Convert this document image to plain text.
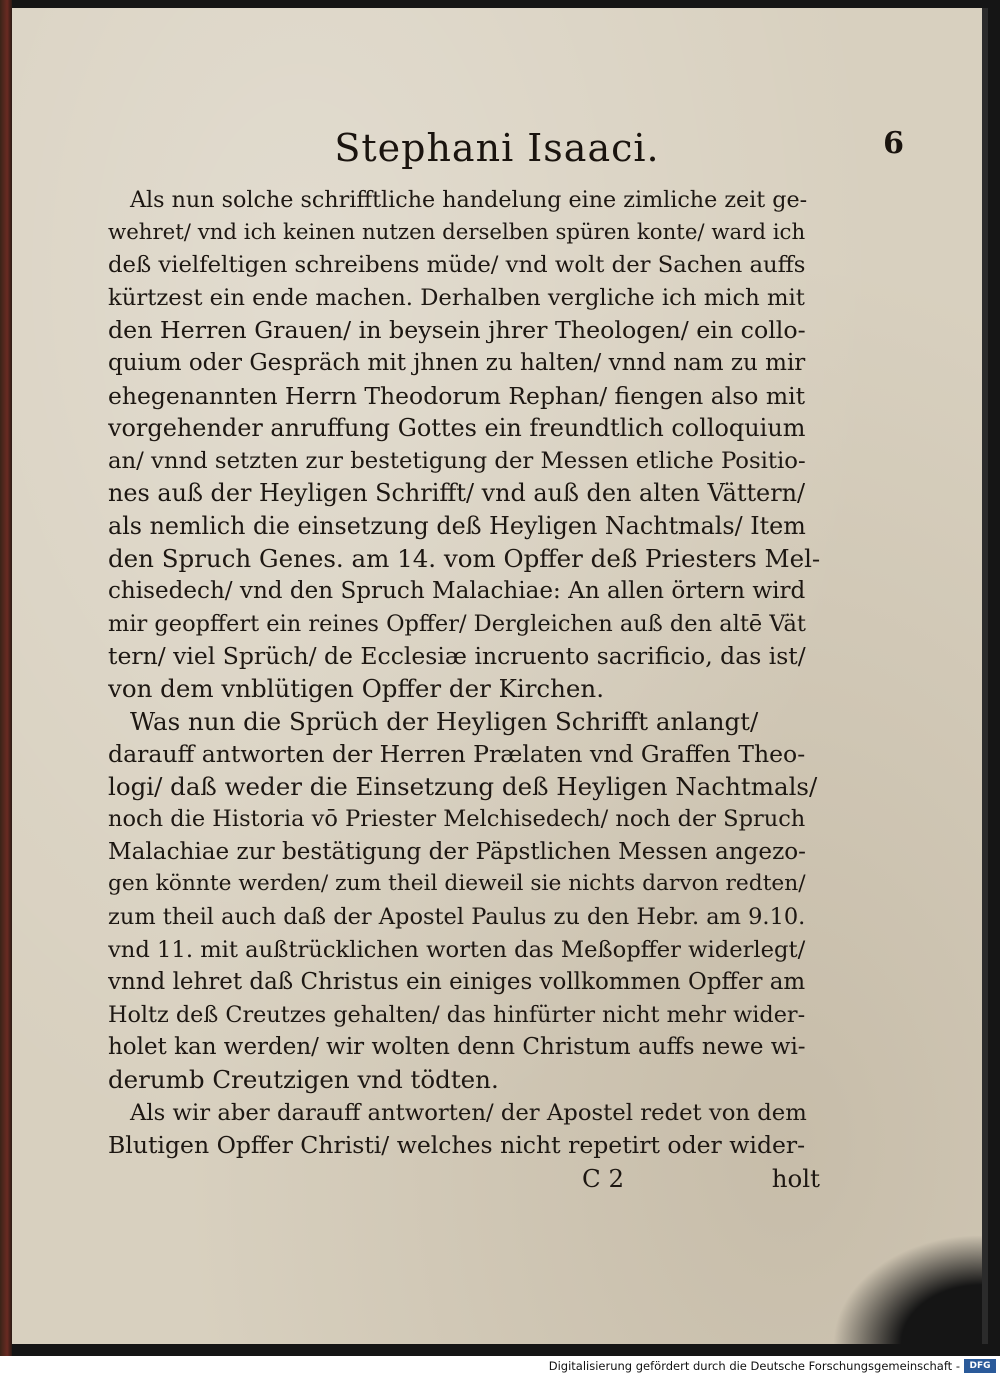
Stephani Isaaci.	6
Als nun solche schrifftliche handelung eine zimliche zeit ge-
wehret/ vnd ich keinen nutzen derselben spüren konte/ ward ich
deß vielfeltigen schreibens müde/ vnd wolt der Sachen auffs
kürtzest ein ende machen. Derhalben vergliche ich mich mit
den Herren Grauen/ in beysein jhrer Theologen/ ein collo-
quium oder Gespräch mit jhnen zu halten/ vnnd nam zu mir
ehegenannten Herrn Theodorum Rephan/ fiengen also mit
vorgehender anruffung Gottes ein freundtlich colloquium
an/ vnnd setzten zur bestetigung der Messen etliche Positio-
nes auß der Heyligen Schrifft/ vnd auß den alten Vättern/
als nemlich die einsetzung deß Heyligen Nachtmals/ Item
den Spruch Genes. am 14. vom Opffer deß Priesters Mel-
chisedech/ vnd den Spruch Malachiae: An allen örtern wird
mir geopffert ein reines Opffer/ Dergleichen auß den altē Vät
tern/ viel Sprüch/ de Ecclesiæ incruento sacrificio, das ist/
von dem vnblütigen Opffer der Kirchen.
Was nun die Sprüch der Heyligen Schrifft anlangt/
darauff antworten der Herren Prælaten vnd Graffen Theo-
logi/ daß weder die Einsetzung deß Heyligen Nachtmals/
noch die Historia vō Priester Melchisedech/ noch der Spruch
Malachiae zur bestätigung der Päpstlichen Messen angezo-
gen könnte werden/ zum theil dieweil sie nichts darvon redten/
zum theil auch daß der Apostel Paulus zu den Hebr. am 9.10.
vnd 11. mit außtrücklichen worten das Meßopffer widerlegt/
vnnd lehret daß Christus ein einiges vollkommen Opffer am
Holtz deß Creutzes gehalten/ das hinfürter nicht mehr wider-
holet kan werden/ wir wolten denn Christum auffs newe wi-
derumb Creutzigen vnd tödten.
Als wir aber darauff antworten/ der Apostel redet von dem
Blutigen Opffer Christi/ welches nicht repetirt oder wider-
C 2	holt
Digitalisierung gefördert durch die Deutsche Forschungsgemeinschaft -	DFG
